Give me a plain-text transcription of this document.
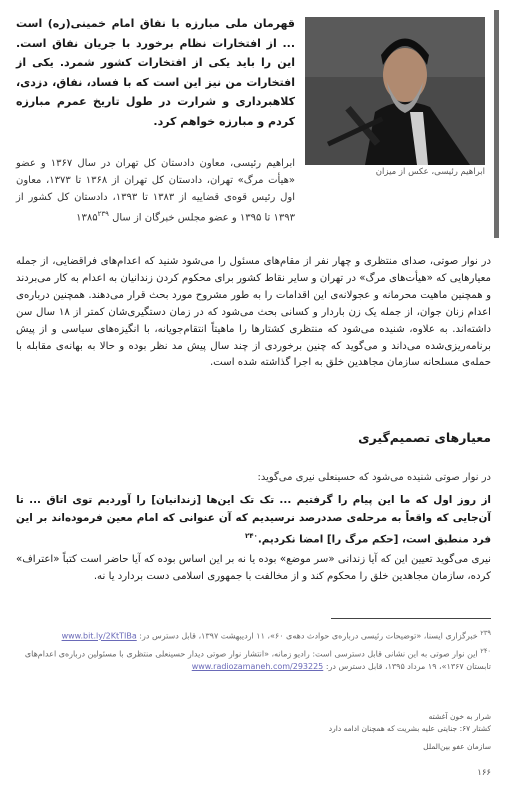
ابراهیم رئیسی، عکس از میزان
قهرمان ملی مبارزه با نفاق امام خمینی(ره) است ... از افتخارات نظام برخورد با جریان نفاق است. این را باید یکی از افتخارات کشور شمرد. یکی از افتخارات من نیز این است که با فساد، نفاق، دزدی، کلاهبرداری و شرارت در طول تاریخ عمرم مبارزه کردم و مبارزه خواهم کرد.
ابراهیم رئیسی، معاون دادستان کل تهران در سال ۱۳۶۷ و عضو «هیأت مرگ» تهران، دادستان کل تهران از ۱۳۶۸ تا ۱۳۷۳، معاون اول رئیس قوه‌ی قضاییه از ۱۳۸۳ تا ۱۳۹۳، دادستان کل کشور از ۱۳۹۳ تا ۱۳۹۵ و عضو مجلس خبرگان از سال ۱۳۸۵$^{۲۳۹}$

در نوار صوتی، صدای منتظری و چهار نفر از مقام‌های مسئول را می‌شود شنید که اعدام‌های فراقضایی، از جمله معیارهایی که «هیأت‌های مرگ» در تهران و سایر نقاط کشور برای محکوم کردن زندانیان به اعدام به کار می‌بردند و همچنین ماهیت محرمانه و عجولانه‌ی این اقدامات را به طور مشروح مورد بحث قرار می‌دهند. همچنین درباره‌ی اعدام زنان جوان، از جمله یک زن باردار و کسانی بحث می‌شود که در زمان دستگیری‌شان کمتر از ۱۸ سال سن داشته‌اند. به علاوه، شنیده می‌شود که منتظری کشتارها را ماهیتاً انتقام‌جویانه، با انگیزه‌های سیاسی و از پیش برنامه‌ریزی‌شده می‌داند و می‌گوید که چنین برخوردی از چند سال پیش مد نظر بوده و حالا به بهانه‌ی مقابله با حمله‌ی مسلحانه سازمان مجاهدین خلق به اجرا گذاشته شده است.

معیارهای تصمیم‌گیری
در نوار صوتی شنیده می‌شود که حسینعلی نیری می‌گوید:
از روز اول که ما این پیام را گرفتیم ... تک تک این‌ها [زندانیان] را آوردیم توی اتاق ... تا آن‌جایی که واقعاً به مرحله‌ی صددرصد نرسیدیم که آن عنوانی که امام معین فرموده‌اند بر این فرد منطبق است، [حکم مرگ را] امضا نکردیم.$^{۲۴۰}$

نیری می‌گوید تعیین این که آیا زندانی «سر موضع» بوده یا نه بر این اساس بوده که آیا حاضر است کتباً «اعتراف» کرده، سازمان مجاهدین خلق را محکوم کند و از مخالفت با جمهوری اسلامی دست بردارد یا نه.

$^{۲۳۹}$ خبرگزاری ایسنا، «توضیحات رئیسی درباره‌ی حوادث دهه‌ی ۶۰»، ۱۱ اردیبهشت ۱۳۹۷، قابل دسترس در: www.bit.ly/2KtTIBa
$^{۲۴۰}$ این نوار صوتی به این نشانی قابل دسترسی است: رادیو زمانه، «انتشار نوار صوتی دیدار حسینعلی منتظری با مسئولین درباره‌ی اعدام‌های تابستان ۱۳۶۷»، ۱۹ مرداد ۱۳۹۵، قابل دسترس در: www.radiozamaneh.com/293225
شرار به خون آغشته
کشتار ۶۷: جنایتی علیه بشریت که همچنان ادامه دارد
سازمان عفو بین‌الملل
۱۶۶
